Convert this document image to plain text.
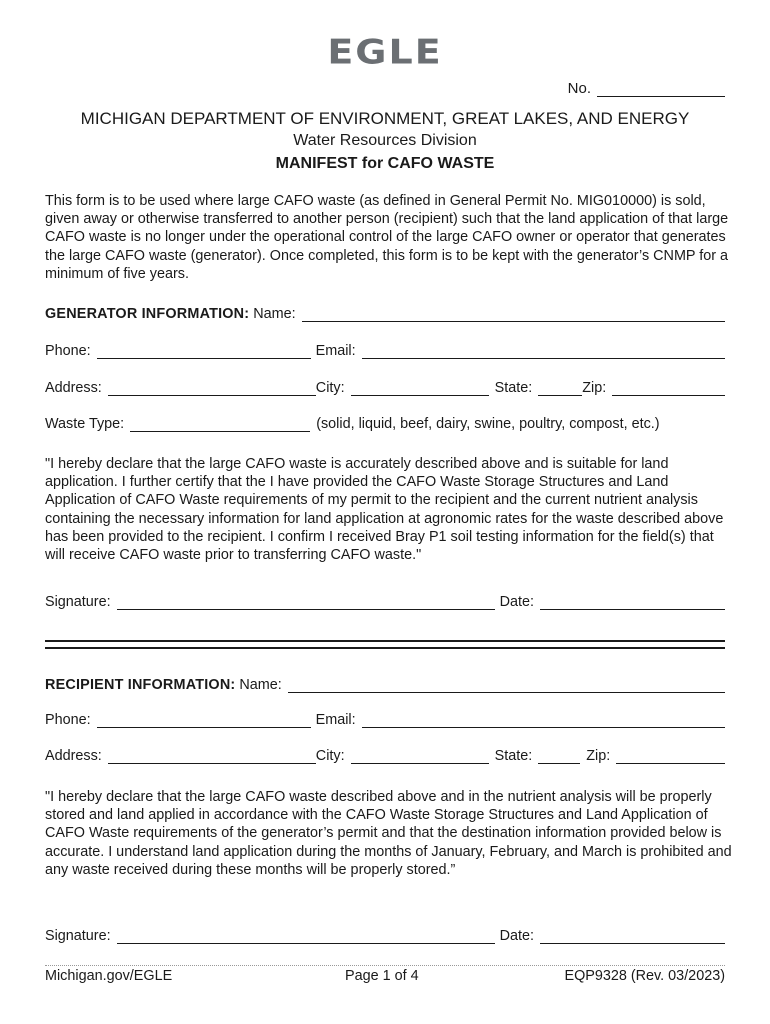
EGLE
No.
MICHIGAN DEPARTMENT OF ENVIRONMENT, GREAT LAKES, AND ENERGY
Water Resources Division
MANIFEST for CAFO WASTE

This form is to be used where large CAFO waste (as defined in General Permit No. MIG010000) is sold, given away or otherwise transferred to another person (recipient) such that the land application of that large CAFO waste is no longer under the operational control of the large CAFO owner or operator that generates the large CAFO waste (generator). Once completed, this form is to be kept with the generator’s CNMP for a minimum of five years.

GENERATOR INFORMATION: Name:
Phone:	Email:
Address:	City:	State:	Zip:
Waste Type:	(solid, liquid, beef, dairy, swine, poultry, compost, etc.)

"I hereby declare that the large CAFO waste is accurately described above and is suitable for land application. I further certify that the I have provided the CAFO Waste Storage Structures and Land Application of CAFO Waste requirements of my permit to the recipient and the current nutrient analysis containing the necessary information for land application at agronomic rates for the waste described above has been provided to the recipient. I confirm I received Bray P1 soil testing information for the field(s) that will receive CAFO waste prior to transferring CAFO waste."

Signature:	Date:
RECIPIENT INFORMATION: Name:
Phone:	Email:
Address:	City:	State:	Zip:

"I hereby declare that the large CAFO waste described above and in the nutrient analysis will be properly stored and land applied in accordance with the CAFO Waste Storage Structures and Land Application of CAFO Waste requirements of the generator’s permit and that the destination information provided below is accurate. I understand land application during the months of January, February, and March is prohibited and any waste received during these months will be properly stored.”

Signature:	Date:
Michigan.gov/EGLE	Page 1 of 4	EQP9328 (Rev. 03/2023)
